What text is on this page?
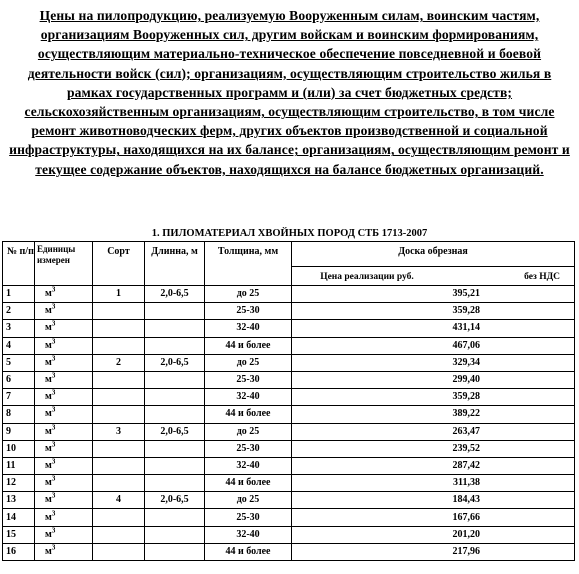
Цены на пилопродукцию, реализуемую Вооруженным силам, воинским частям, организациям Вооруженных сил, другим войскам и воинским формированиям, осуществляющим материально-техническое обеспечение повседневной и боевой деятельности войск (сил); организациям, осуществляющим строительство жилья в рамках государственных программ и (или) за счет бюджетных средств; сельскохозяйственным организациям, осуществляющим строительство, в том числе ремонт животноводческих ферм, других объектов производственной и социальной инфраструктуры, находящихся на их балансе; организациям, осуществляющим ремонт и текущее содержание объектов, находящихся на балансе бюджетных организаций.
1. ПИЛОМАТЕРИАЛ ХВОЙНЫХ ПОРОД СТБ 1713-2007
№ п/п	Единицы измерен	Сорт	Длинна, м	Толщина, мм	Доска обрезная
					Цена реализации руб. без НДС
1	$м^3$	1	2,0-6,5	до 25	395,21
2	$м^3$			25-30	359,28
3	$м^3$			32-40	431,14
4	$м^3$			44 и более	467,06
5	$м^3$	2	2,0-6,5	до 25	329,34
6	$м^3$			25-30	299,40
7	$м^3$			32-40	359,28
8	$м^3$			44 и более	389,22
9	$м^3$	3	2,0-6,5	до 25	263,47
10	$м^3$			25-30	239,52
11	$м^3$			32-40	287,42
12	$м^3$			44 и более	311,38
13	$м^3$	4	2,0-6,5	до 25	184,43
14	$м^3$			25-30	167,66
15	$м^3$			32-40	201,20
16	$м^3$			44 и более	217,96
